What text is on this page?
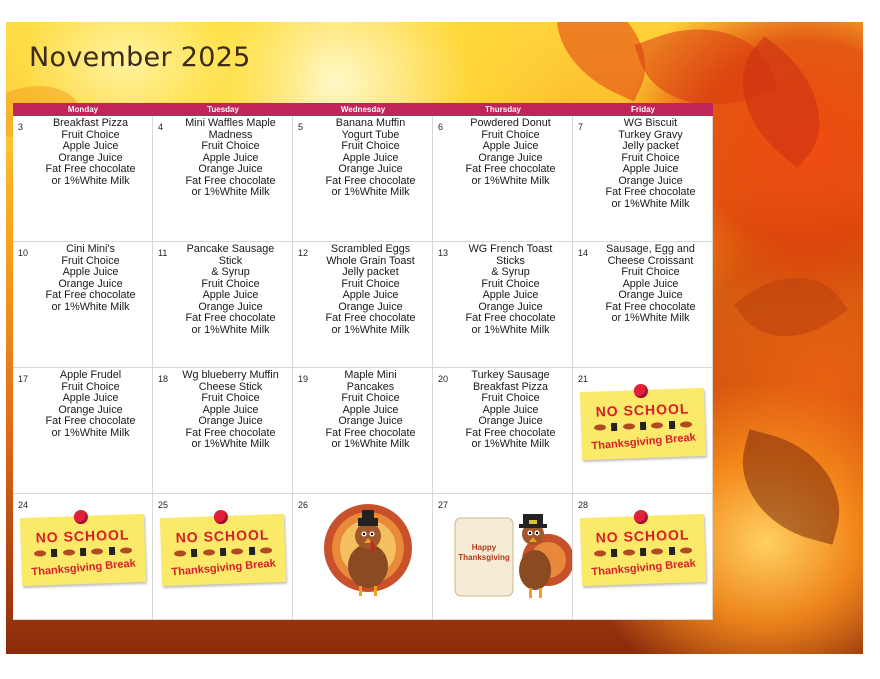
November 2025
Monday	Tuesday	Wednesday	Thursday	Friday
3	Breakfast Pizza
Fruit Choice
Apple Juice
Orange Juice
Fat Free chocolate
or 1%White Milk
4	Mini Waffles Maple
Madness
Fruit Choice
Apple Juice
Orange Juice
Fat Free chocolate
or 1%White Milk
5	Banana Muffin
Yogurt Tube
Fruit Choice
Apple Juice
Orange Juice
Fat Free chocolate
or 1%White Milk
6	Powdered Donut
Fruit Choice
Apple Juice
Orange Juice
Fat Free chocolate
or 1%White Milk
7	WG Biscuit
Turkey Gravy
Jelly packet
Fruit Choice
Apple Juice
Orange Juice
Fat Free chocolate
or 1%White Milk
10	Cini Mini's
Fruit Choice
Apple Juice
Orange Juice
Fat Free chocolate
or 1%White Milk
11	Pancake Sausage
Stick
& Syrup
Fruit Choice
Apple Juice
Orange Juice
Fat Free chocolate
or 1%White Milk
12	Scrambled Eggs
Whole Grain Toast
Jelly packet
Fruit Choice
Apple Juice
Orange Juice
Fat Free chocolate
or 1%White Milk
13	WG French Toast
Sticks
& Syrup
Fruit Choice
Apple Juice
Orange Juice
Fat Free chocolate
or 1%White Milk
14	Sausage, Egg and
Cheese Croissant
Fruit Choice
Apple Juice
Orange Juice
Fat Free chocolate
or 1%White Milk
17	Apple Frudel
Fruit Choice
Apple Juice
Orange Juice
Fat Free chocolate
or 1%White Milk
18	Wg blueberry Muffin
Cheese Stick
Fruit Choice
Apple Juice
Orange Juice
Fat Free chocolate
or 1%White Milk
19	Maple Mini
Pancakes
Fruit Choice
Apple Juice
Orange Juice
Fat Free chocolate
or 1%White Milk
20	Turkey Sausage
Breakfast Pizza
Fruit Choice
Apple Juice
Orange Juice
Fat Free chocolate
or 1%White Milk
21
NO SCHOOL
Thanksgiving Break
24
NO SCHOOL
Thanksgiving Break
25
NO SCHOOL
Thanksgiving Break
26	27
Happy
Thanksgiving
28
NO SCHOOL
Thanksgiving Break
